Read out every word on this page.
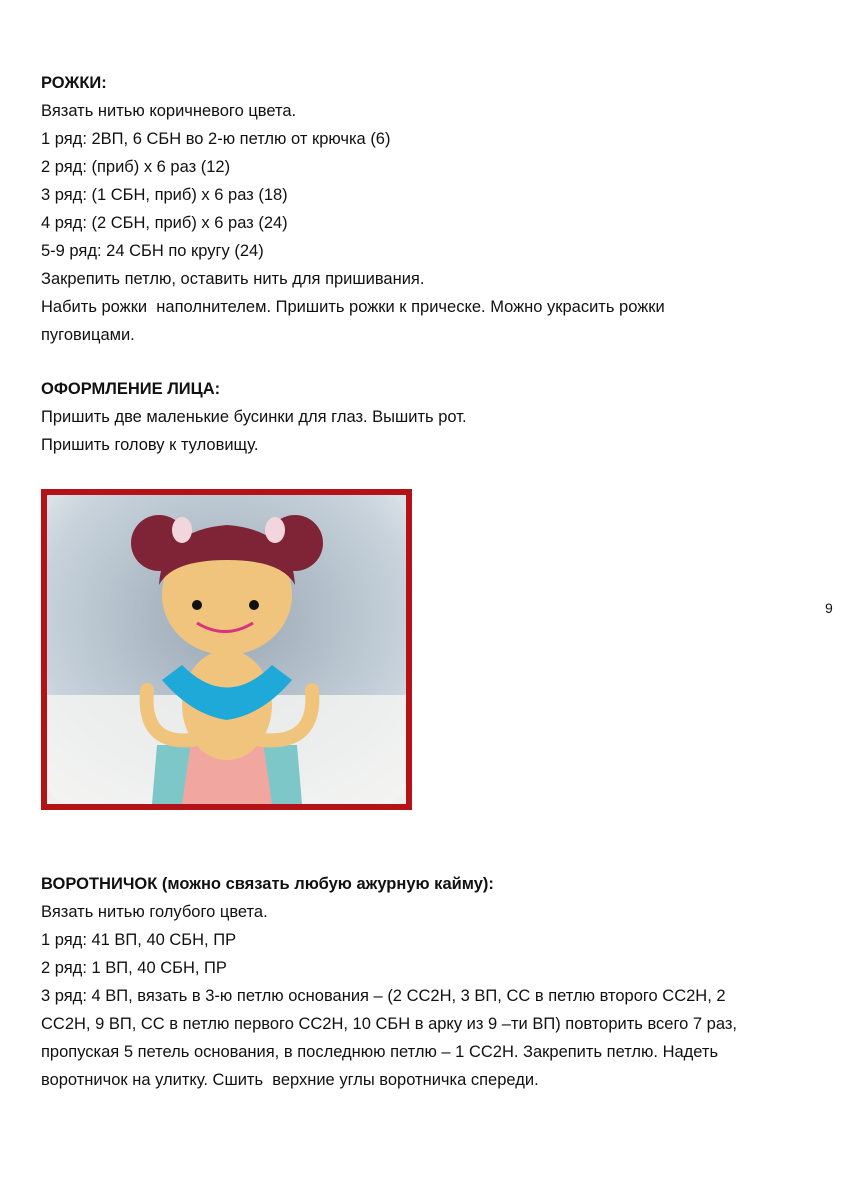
РОЖКИ:

Вязать нитью коричневого цвета.

1 ряд: 2ВП, 6 СБН во 2-ю петлю от крючка (6)

2 ряд: (приб) х 6 раз (12)

3 ряд: (1 СБН, приб) х 6 раз (18)

4 ряд: (2 СБН, приб) х 6 раз (24)

5-9 ряд: 24 СБН по кругу (24)

Закрепить петлю, оставить нить для пришивания.

Набить рожки  наполнителем. Пришить рожки к прическе. Можно украсить рожки

пуговицами.

ОФОРМЛЕНИЕ ЛИЦА:

Пришить две маленькие бусинки для глаз. Вышить рот.

Пришить голову к туловищу.

9

ВОРОТНИЧОК (можно связать любую ажурную кайму):

Вязать нитью голубого цвета.

1 ряд: 41 ВП, 40 СБН, ПР

2 ряд: 1 ВП, 40 СБН, ПР

3 ряд: 4 ВП, вязать в 3-ю петлю основания – (2 СС2Н, 3 ВП, СС в петлю второго СС2Н, 2

СС2Н, 9 ВП, СС в петлю первого СС2Н, 10 СБН в арку из 9 –ти ВП) повторить всего 7 раз,

пропуская 5 петель основания, в последнюю петлю – 1 СС2Н. Закрепить петлю. Надеть

воротничок на улитку. Сшить  верхние углы воротничка спереди.
